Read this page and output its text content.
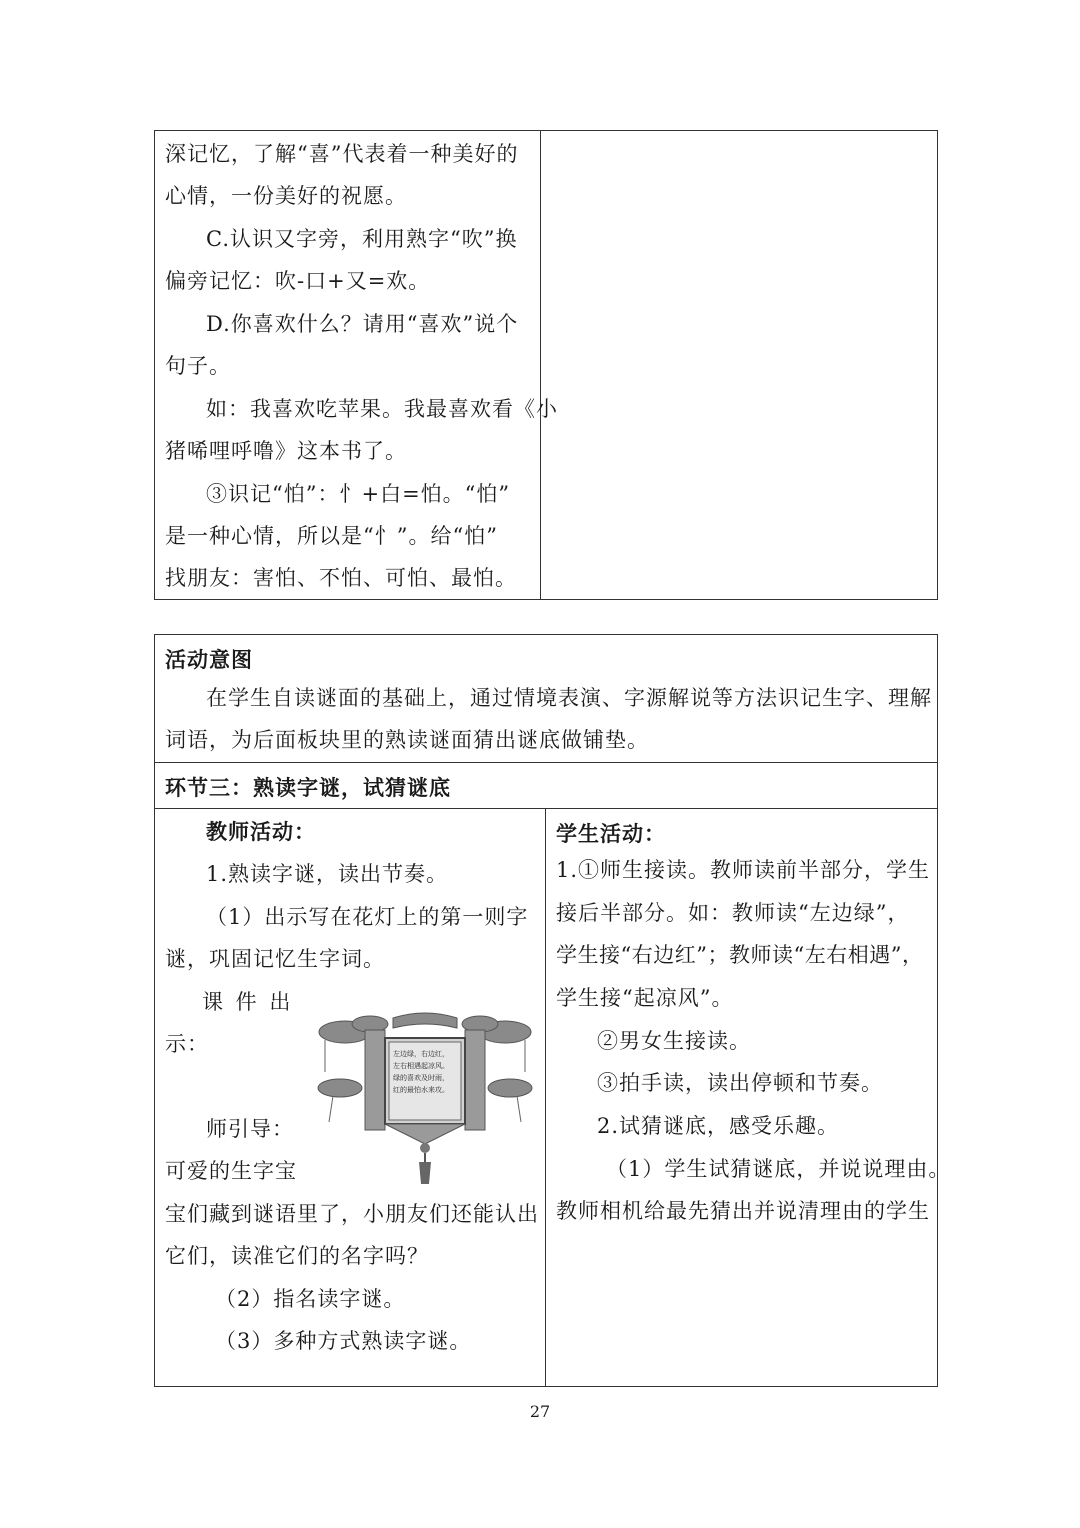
深记忆，了解“喜”代表着一种美好的
心情，一份美好的祝愿。
C.认识又字旁，利用熟字“吹”换
偏旁记忆：吹-口+又=欢。
D.你喜欢什么？请用“喜欢”说个
句子。
如：我喜欢吃苹果。我最喜欢看《小
猪唏哩呼噜》这本书了。
③识记“怕”：忄+白=怕。“怕”
是一种心情，所以是“忄”。给“怕”
找朋友：害怕、不怕、可怕、最怕。
活动意图
在学生自读谜面的基础上，通过情境表演、字源解说等方法识记生字、理解
词语，为后面板块里的熟读谜面猜出谜底做铺垫。
环节三：熟读字谜，试猜谜底
教师活动：
1.熟读字谜，读出节奏。
（1）出示写在花灯上的第一则字
谜，巩固记忆生字词。
课 件 出
示：
师引导：
可爱的生字宝
宝们藏到谜语里了，小朋友们还能认出
它们，读准它们的名字吗？
（2）指名读字谜。
（3）多种方式熟读字谜。
左边绿，右边红，
左右相遇起凉风。
绿的喜欢及时雨，
红的最怕水来攻。
学生活动：
1.①师生接读。教师读前半部分，学生
接后半部分。如：教师读“左边绿”，
学生接“右边红”；教师读“左右相遇”，
学生接“起凉风”。
②男女生接读。
③拍手读，读出停顿和节奏。
2.试猜谜底，感受乐趣。
（1）学生试猜谜底，并说说理由。
教师相机给最先猜出并说清理由的学生
27
